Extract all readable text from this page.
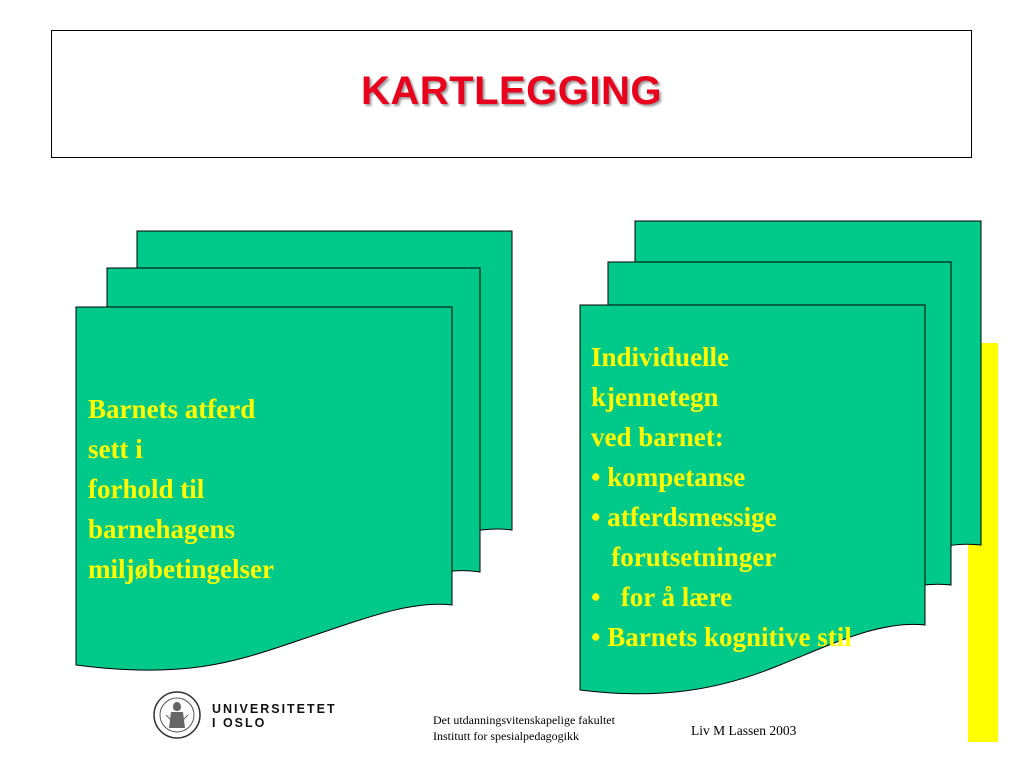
KARTLEGGING
Barnets atferd
sett i
forhold til
barnehagens
miljøbetingelser
Individuelle
kjennetegn
ved barnet:
• kompetanse
• atferdsmessige
forutsetninger
•   for å lære
• Barnets kognitive stil
UNIVERSITETET
I OSLO	Det utdanningsvitenskapelige fakultet
Institutt for spesialpedagogikk	Liv M Lassen 2003
